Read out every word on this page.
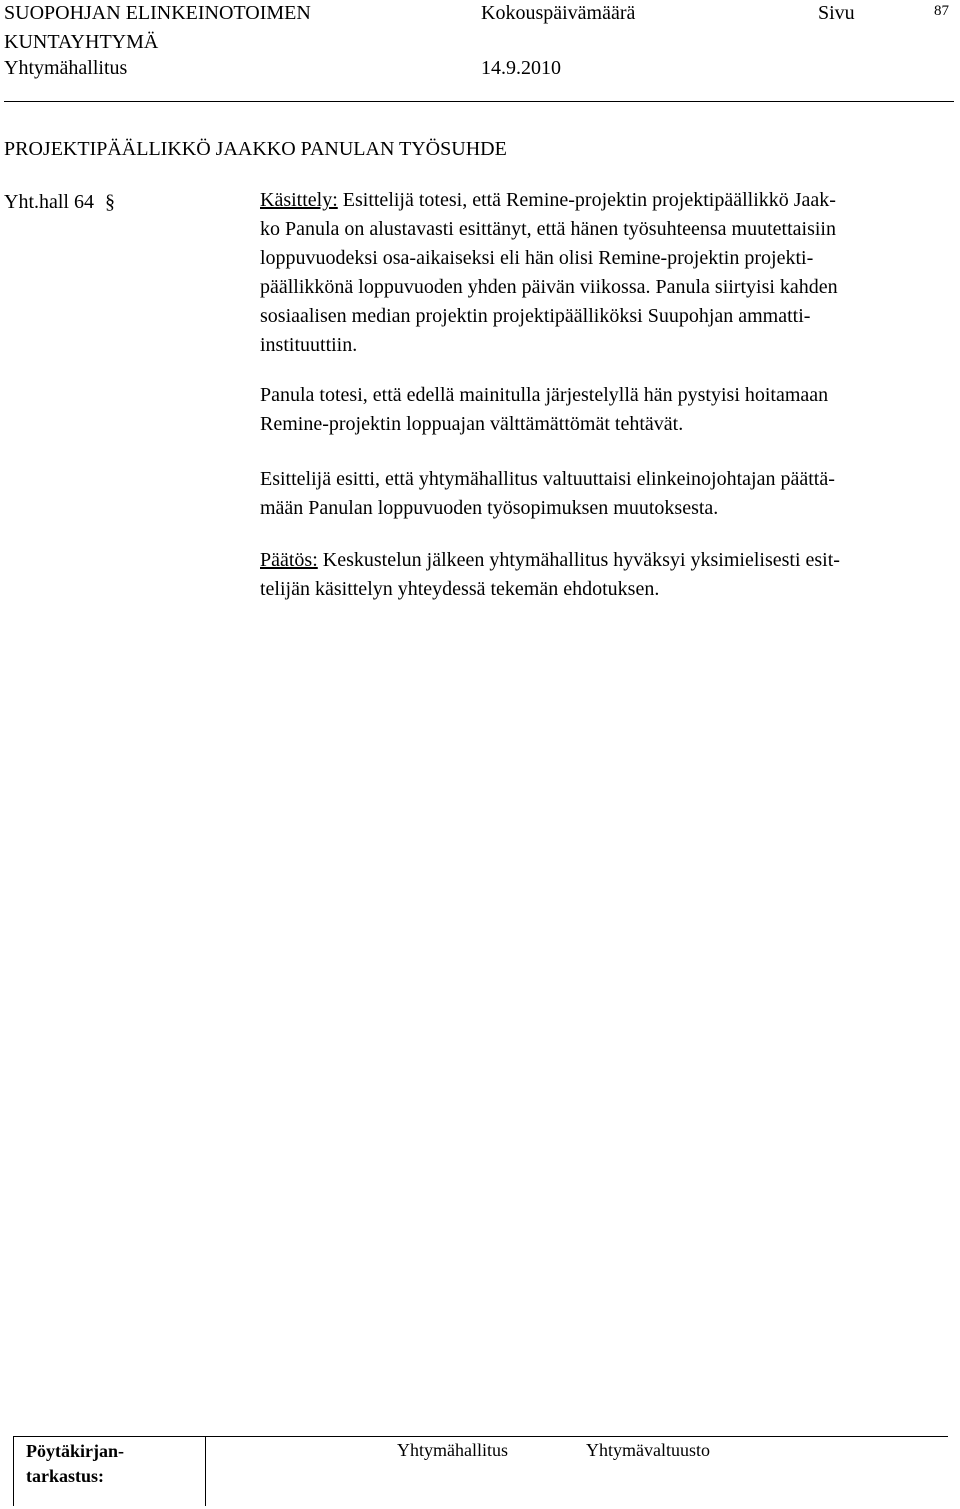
SUOPOHJAN ELINKEINOTOIMEN
KUNTAYHTYMÄ
Yhtymähallitus
Kokouspäivämäärä
14.9.2010
Sivu	87
PROJEKTIPÄÄLLIKKÖ JAAKKO PANULAN TYÖSUHDE
Yht.hall 64 §	Käsittely: Esittelijä totesi, että Remine-projektin projektipäällikkö Jaak-
ko Panula on alustavasti esittänyt, että hänen työsuhteensa muutettaisiin
loppuvuodeksi osa-aikaiseksi eli hän olisi Remine-projektin projekti-
päällikkönä loppuvuoden yhden päivän viikossa. Panula siirtyisi kahden
sosiaalisen median projektin projektipäälliköksi Suupohjan ammatti-
instituuttiin.
Panula totesi, että edellä mainitulla järjestelyllä hän pystyisi hoitamaan
Remine-projektin loppuajan välttämättömät tehtävät.
Esittelijä esitti, että yhtymähallitus valtuuttaisi elinkeinojohtajan päättä-
mään Panulan loppuvuoden työsopimuksen muutoksesta.
Päätös: Keskustelun jälkeen yhtymähallitus hyväksyi yksimielisesti esit-
telijän käsittelyn yhteydessä tekemän ehdotuksen.
Pöytäkirjan-
tarkastus:
Yhtymähallitus	Yhtymävaltuusto
